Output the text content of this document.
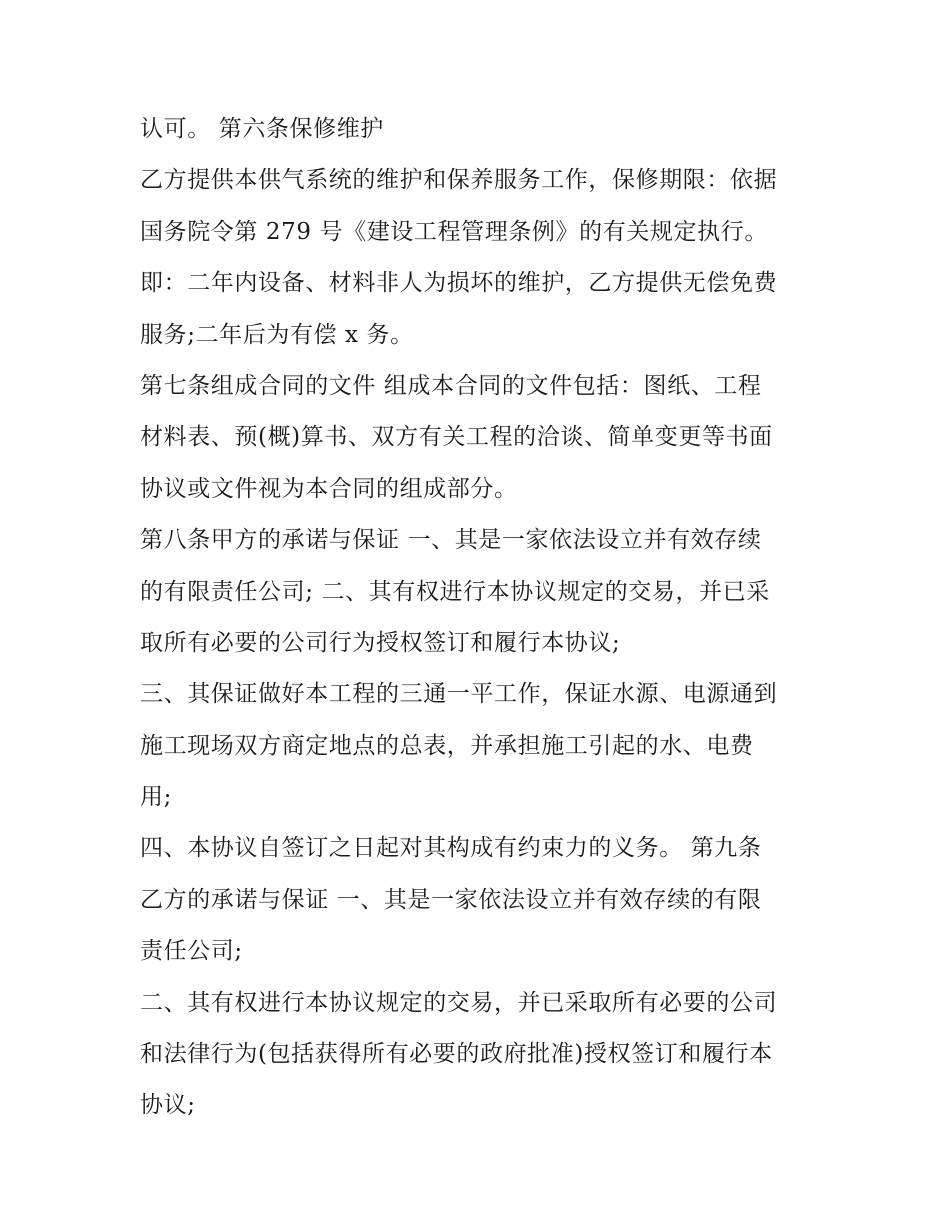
认可。 第六条保修维护
乙方提供本供气系统的维护和保养服务工作，保修期限：依据
国务院令第 279 号《建设工程管理条例》的有关规定执行。
即：二年内设备、材料非人为损坏的维护，乙方提供无偿免费
服务;二年后为有偿 x 务。
第七条组成合同的文件 组成本合同的文件包括：图纸、工程
材料表、预(概)算书、双方有关工程的洽谈、简单变更等书面
协议或文件视为本合同的组成部分。
第八条甲方的承诺与保证 一、其是一家依法设立并有效存续
的有限责任公司; 二、其有权进行本协议规定的交易，并已采
取所有必要的公司行为授权签订和履行本协议;
三、其保证做好本工程的三通一平工作，保证水源、电源通到
施工现场双方商定地点的总表，并承担施工引起的水、电费
用;
四、本协议自签订之日起对其构成有约束力的义务。 第九条
乙方的承诺与保证 一、其是一家依法设立并有效存续的有限
责任公司;
二、其有权进行本协议规定的交易，并已采取所有必要的公司
和法律行为(包括获得所有必要的政府批准)授权签订和履行本
协议;
